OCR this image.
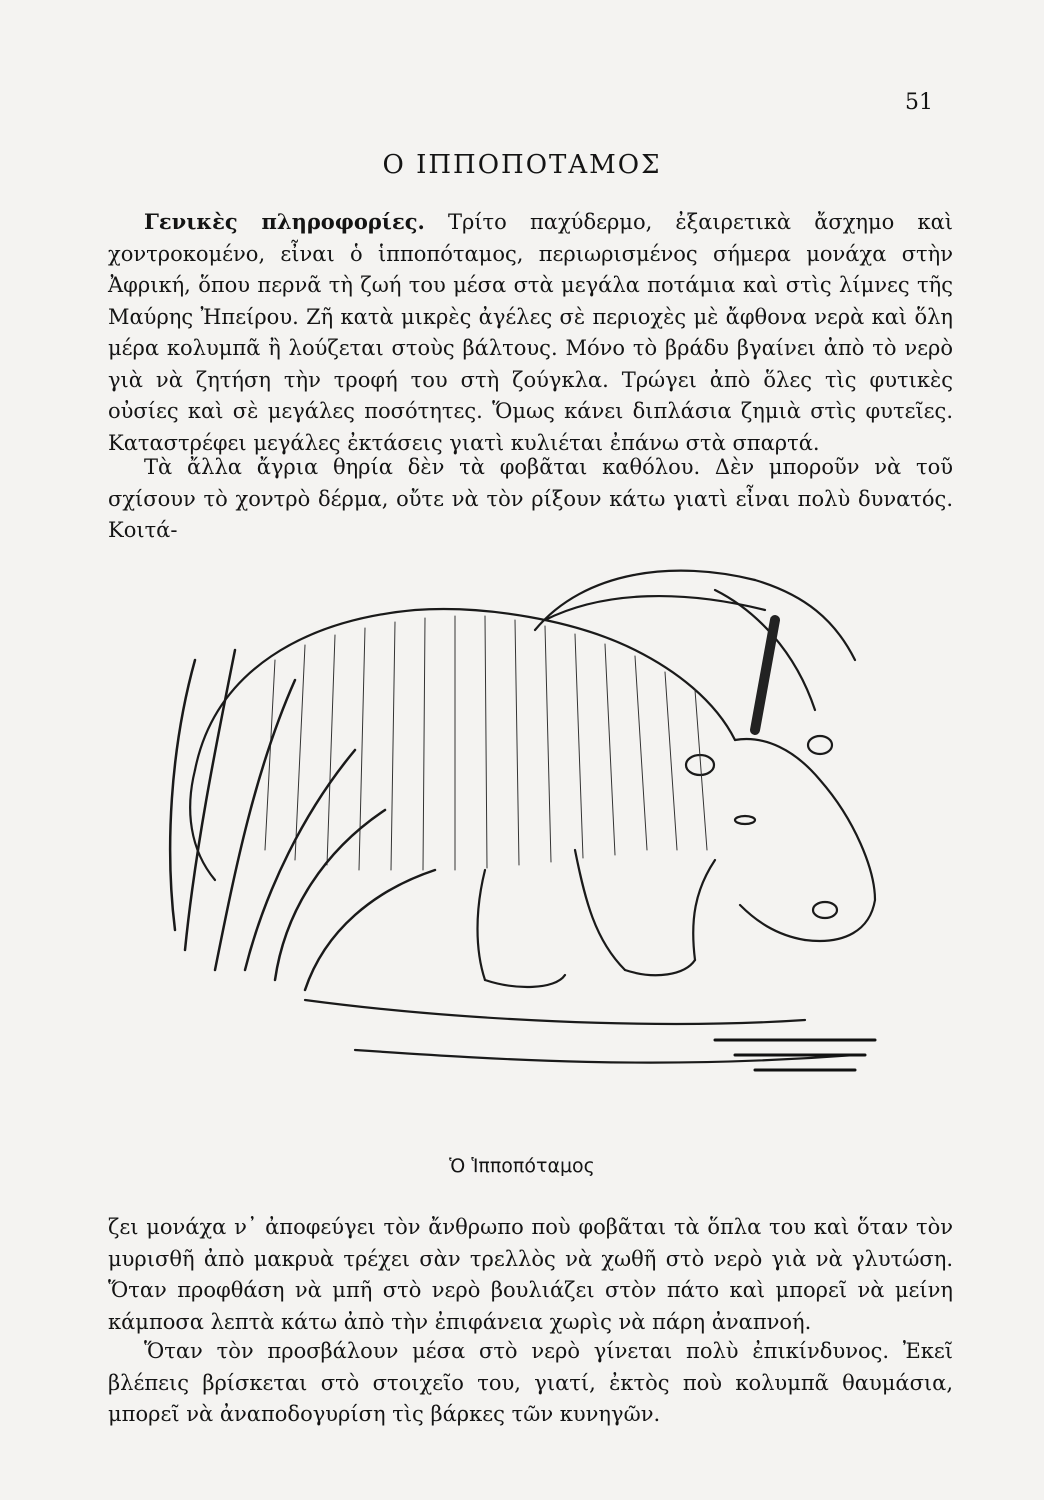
51
Ο ΙΠΠΟΠΟΤΑΜΟΣ
Γενικὲς πληροφορίες. Τρίτο παχύδερμο, ἐξαιρετικὰ ἄσχημο καὶ χοντροκομένο, εἶναι ὁ ἱπποπόταμος, περιωρισμένος σήμερα μονάχα στὴν Ἀφρική, ὅπου περνᾶ τὴ ζωή του μέσα στὰ μεγάλα ποτάμια καὶ στὶς λίμνες τῆς Μαύρης Ἠπείρου. Ζῆ κατὰ μικρὲς ἀγέλες σὲ περιοχὲς μὲ ἄφθονα νερὰ καὶ ὅλη μέρα κολυμπᾶ ἢ λούζεται στοὺς βάλτους. Μόνο τὸ βράδυ βγαίνει ἀπὸ τὸ νερὸ γιὰ νὰ ζητήση τὴν τροφή του στὴ ζούγκλα. Τρώγει ἀπὸ ὅλες τὶς φυτικὲς οὐσίες καὶ σὲ μεγάλες ποσότητες. Ὅμως κάνει διπλάσια ζημιὰ στὶς φυτεῖες. Καταστρέφει μεγάλες ἐκτάσεις γιατὶ κυλιέται ἐπάνω στὰ σπαρτά.
Τὰ ἄλλα ἄγρια θηρία δὲν τὰ φοβᾶται καθόλου. Δὲν μποροῦν νὰ τοῦ σχίσουν τὸ χοντρὸ δέρμα, οὔτε νὰ τὸν ρίξουν κάτω γιατὶ εἶναι πολὺ δυνατός. Κοιτά-
Ὁ Ἱπποπόταμος
ζει μονάχα ν᾿ ἀποφεύγει τὸν ἄνθρωπο ποὺ φοβᾶται τὰ ὅπλα του καὶ ὅταν τὸν μυρισθῆ ἀπὸ μακρυὰ τρέχει σὰν τρελλὸς νὰ χωθῆ στὸ νερὸ γιὰ νὰ γλυτώση. Ὅταν προφθάση νὰ μπῆ στὸ νερὸ βουλιάζει στὸν πάτο καὶ μπορεῖ νὰ μείνη κάμποσα λεπτὰ κάτω ἀπὸ τὴν ἐπιφάνεια χωρὶς νὰ πάρη ἀναπνοή.
Ὅταν τὸν προσβάλουν μέσα στὸ νερὸ γίνεται πολὺ ἐπικίνδυνος. Ἐκεῖ βλέπεις βρίσκεται στὸ στοιχεῖο του, γιατί, ἐκτὸς ποὺ κολυμπᾶ θαυμάσια, μπορεῖ νὰ ἀναποδογυρίση τὶς βάρκες τῶν κυνηγῶν.
